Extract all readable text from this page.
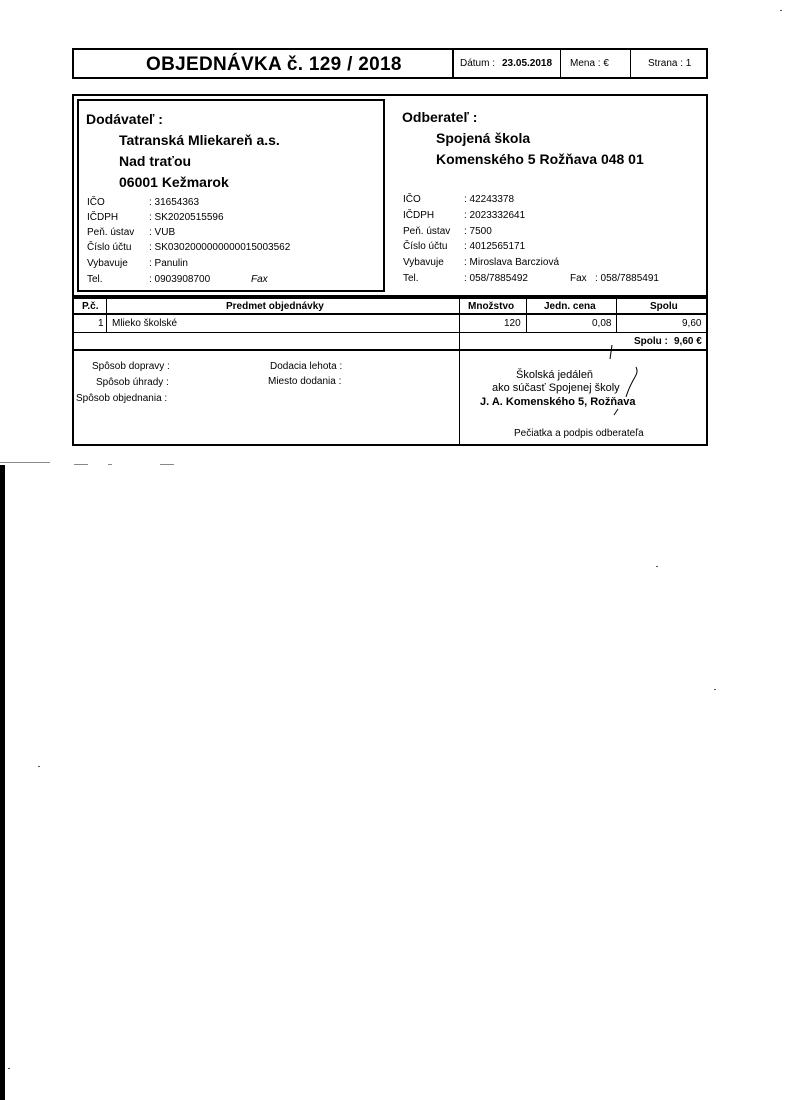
OBJEDNÁVKA č. 129 / 2018	Dátum : 23.05.2018 Mena : €	Strana : 1
Dodávateľ :
Tatranská Mliekareň a.s.
Nad traťou
06001 Kežmarok
IČO	: 31654363
IČDPH	: SK2020515596
Peň. ústav : VUB
Číslo účtu : SK0302000000000015003562
Vybavuje : Panulin
Tel.	: 0903908700	Fax
Odberateľ :
Spojená škola
Komenského 5 Rožňava 048 01
IČO	: 42243378
IČDPH	: 2023332641
Peň. ústav : 7500
Číslo účtu : 4012565171
Vybavuje : Miroslava Barcziová
Tel.	: 058/7885492	Fax : 058/7885491
P.č.	Predmet objednávky	Množstvo	Jedn. cena	Spolu
1 Mlieko školské	120	0,08	9,60
Spolu : 9,60 €
Spôsob dopravy :
Spôsob úhrady :
Spôsob objednania :
Dodacia lehota :
Miesto dodania :
Školská jedáleň
ako súčasť Spojenej školy
J. A. Komenského 5, Rožňava
Pečiatka a podpis odberateľa
